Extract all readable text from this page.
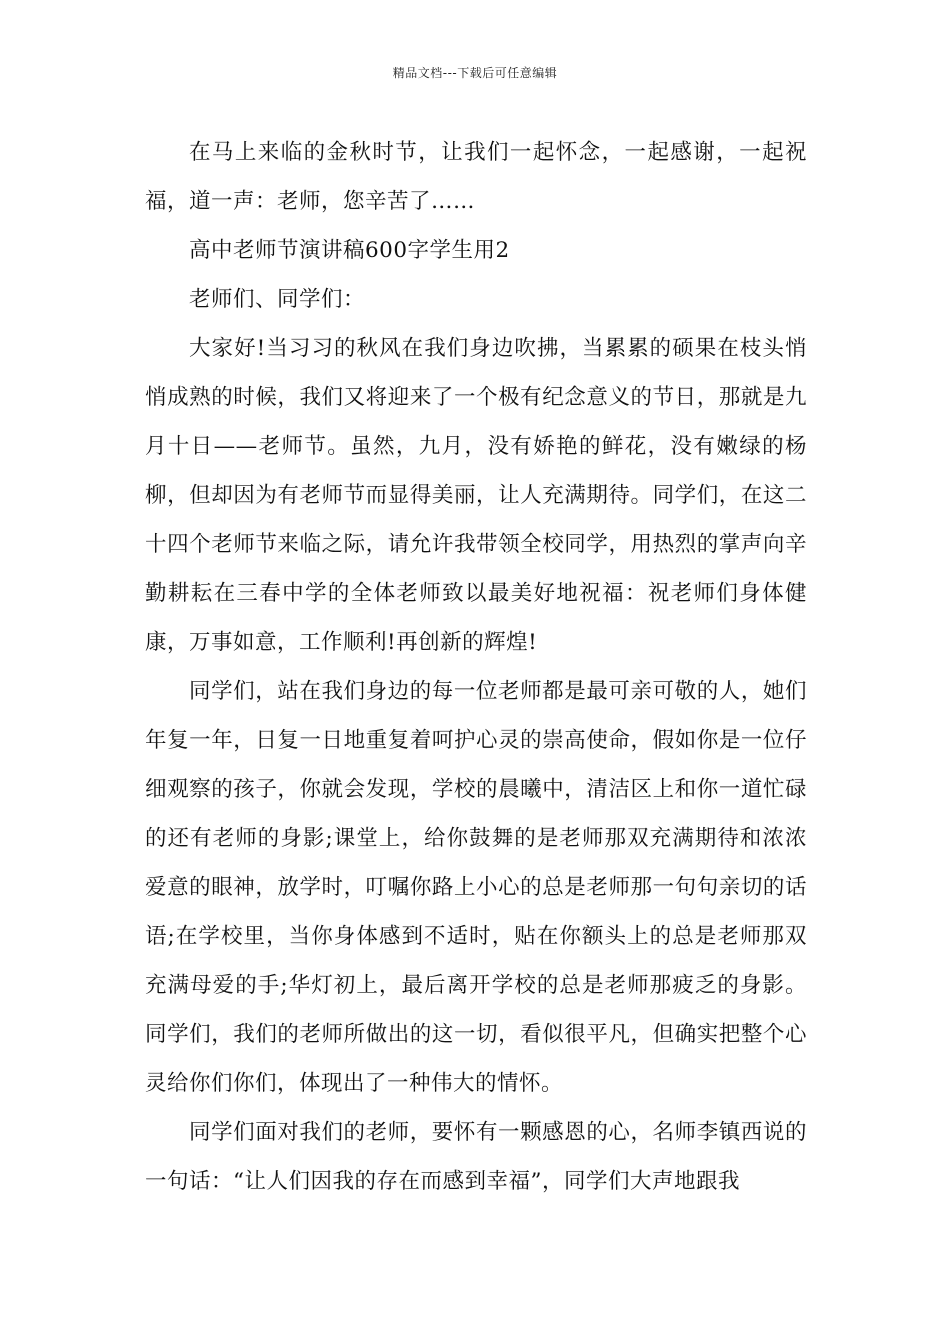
精品文档---下载后可任意编辑

在马上来临的金秋时节，让我们一起怀念，一起感谢，一起祝福，道一声：老师，您辛苦了……

高中老师节演讲稿600字学生用2

老师们、同学们：

大家好!当习习的秋风在我们身边吹拂，当累累的硕果在枝头悄悄成熟的时候，我们又将迎来了一个极有纪念意义的节日，那就是九月十日——老师节。虽然，九月，没有娇艳的鲜花，没有嫩绿的杨柳，但却因为有老师节而显得美丽，让人充满期待。同学们，在这二十四个老师节来临之际，请允许我带领全校同学，用热烈的掌声向辛勤耕耘在三春中学的全体老师致以最美好地祝福：祝老师们身体健康，万事如意，工作顺利!再创新的辉煌!

同学们，站在我们身边的每一位老师都是最可亲可敬的人，她们年复一年，日复一日地重复着呵护心灵的崇高使命，假如你是一位仔细观察的孩子，你就会发现，学校的晨曦中，清洁区上和你一道忙碌的还有老师的身影;课堂上，给你鼓舞的是老师那双充满期待和浓浓爱意的眼神，放学时，叮嘱你路上小心的总是老师那一句句亲切的话语;在学校里，当你身体感到不适时，贴在你额头上的总是老师那双充满母爱的手;华灯初上，最后离开学校的总是老师那疲乏的身影。同学们，我们的老师所做出的这一切，看似很平凡，但确实把整个心灵给你们你们，体现出了一种伟大的情怀。

同学们面对我们的老师，要怀有一颗感恩的心，名师李镇西说的一句话：“让人们因我的存在而感到幸福”，同学们大声地跟我
